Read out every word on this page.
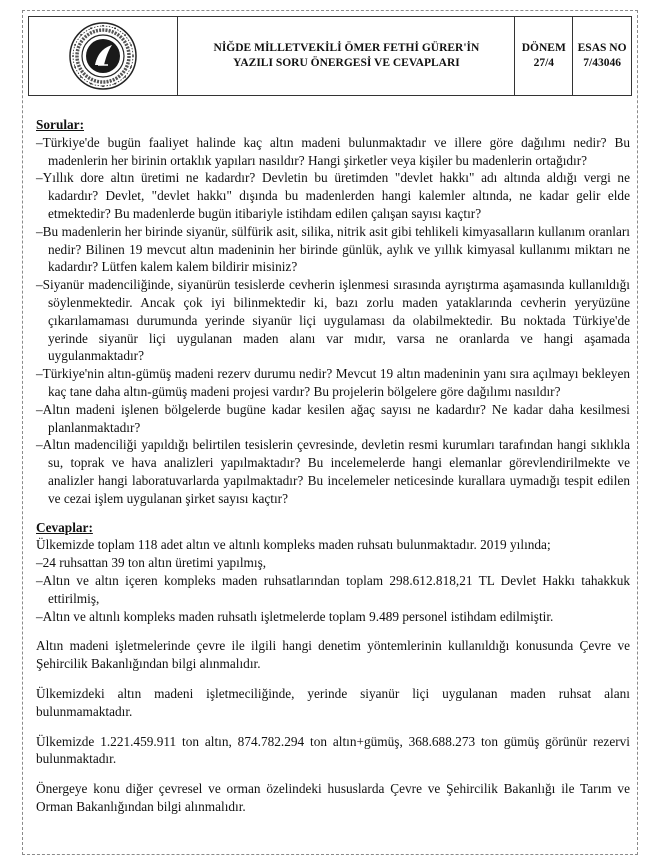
NİĞDE MİLLETVEKİLİ ÖMER FETHİ GÜRER'İN
YAZILI SORU ÖNERGESİ VE CEVAPLARI
DÖNEM
27/4
ESAS NO
7/43046
Sorular:
–Türkiye'de bugün faaliyet halinde kaç altın madeni bulunmaktadır ve illere göre dağılımı nedir? Bu madenlerin her birinin ortaklık yapıları nasıldır? Hangi şirketler veya kişiler bu madenlerin ortağıdır?
–Yıllık dore altın üretimi ne kadardır? Devletin bu üretimden "devlet hakkı" adı altında aldığı vergi ne kadardır? Devlet, "devlet hakkı" dışında bu madenlerden hangi kalemler altında, ne kadar gelir elde etmektedir? Bu madenlerde bugün itibariyle istihdam edilen çalışan sayısı kaçtır?
–Bu madenlerin her birinde siyanür, sülfürik asit, silika, nitrik asit gibi tehlikeli kimyasalların kullanım oranları nedir? Bilinen 19 mevcut altın madeninin her birinde günlük, aylık ve yıllık kimyasal kullanımı miktarı ne kadardır? Lütfen kalem kalem bildirir misiniz?
–Siyanür madenciliğinde, siyanürün tesislerde cevherin işlenmesi sırasında ayrıştırma aşamasında kullanıldığı söylenmektedir. Ancak çok iyi bilinmektedir ki, bazı zorlu maden yataklarında cevherin yeryüzüne çıkarılamaması durumunda yerinde siyanür liçi uygulaması da olabilmektedir. Bu noktada Türkiye'de yerinde siyanür liçi uygulanan maden alanı var mıdır, varsa ne oranlarda ve hangi aşamada uygulanmaktadır?
–Türkiye'nin altın-gümüş madeni rezerv durumu nedir? Mevcut 19 altın madeninin yanı sıra açılmayı bekleyen kaç tane daha altın-gümüş madeni projesi vardır? Bu projelerin bölgelere göre dağılımı nasıldır?
–Altın madeni işlenen bölgelerde bugüne kadar kesilen ağaç sayısı ne kadardır? Ne kadar daha kesilmesi planlanmaktadır?
–Altın madenciliği yapıldığı belirtilen tesislerin çevresinde, devletin resmi kurumları tarafından hangi sıklıkla su, toprak ve hava analizleri yapılmaktadır? Bu incelemelerde hangi elemanlar görevlendirilmekte ve analizler hangi laboratuvarlarda yapılmaktadır? Bu incelemeler neticesinde kurallara uymadığı tespit edilen ve cezai işlem uygulanan şirket sayısı kaçtır?
Cevaplar:
Ülkemizde toplam 118 adet altın ve altınlı kompleks maden ruhsatı bulunmaktadır. 2019 yılında;
–24 ruhsattan 39 ton altın üretimi yapılmış,
–Altın ve altın içeren kompleks maden ruhsatlarından toplam 298.612.818,21 TL Devlet Hakkı tahakkuk ettirilmiş,
–Altın ve altınlı kompleks maden ruhsatlı işletmelerde toplam 9.489 personel istihdam edilmiştir.
Altın madeni işletmelerinde çevre ile ilgili hangi denetim yöntemlerinin kullanıldığı konusunda Çevre ve Şehircilik Bakanlığından bilgi alınmalıdır.
Ülkemizdeki altın madeni işletmeciliğinde, yerinde siyanür liçi uygulanan maden ruhsat alanı bulunmamaktadır.
Ülkemizde 1.221.459.911 ton altın, 874.782.294 ton altın+gümüş, 368.688.273 ton gümüş görünür rezervi bulunmaktadır.
Önergeye konu diğer çevresel ve orman özelindeki hususlarda Çevre ve Şehircilik Bakanlığı ile Tarım ve Orman Bakanlığından bilgi alınmalıdır.
